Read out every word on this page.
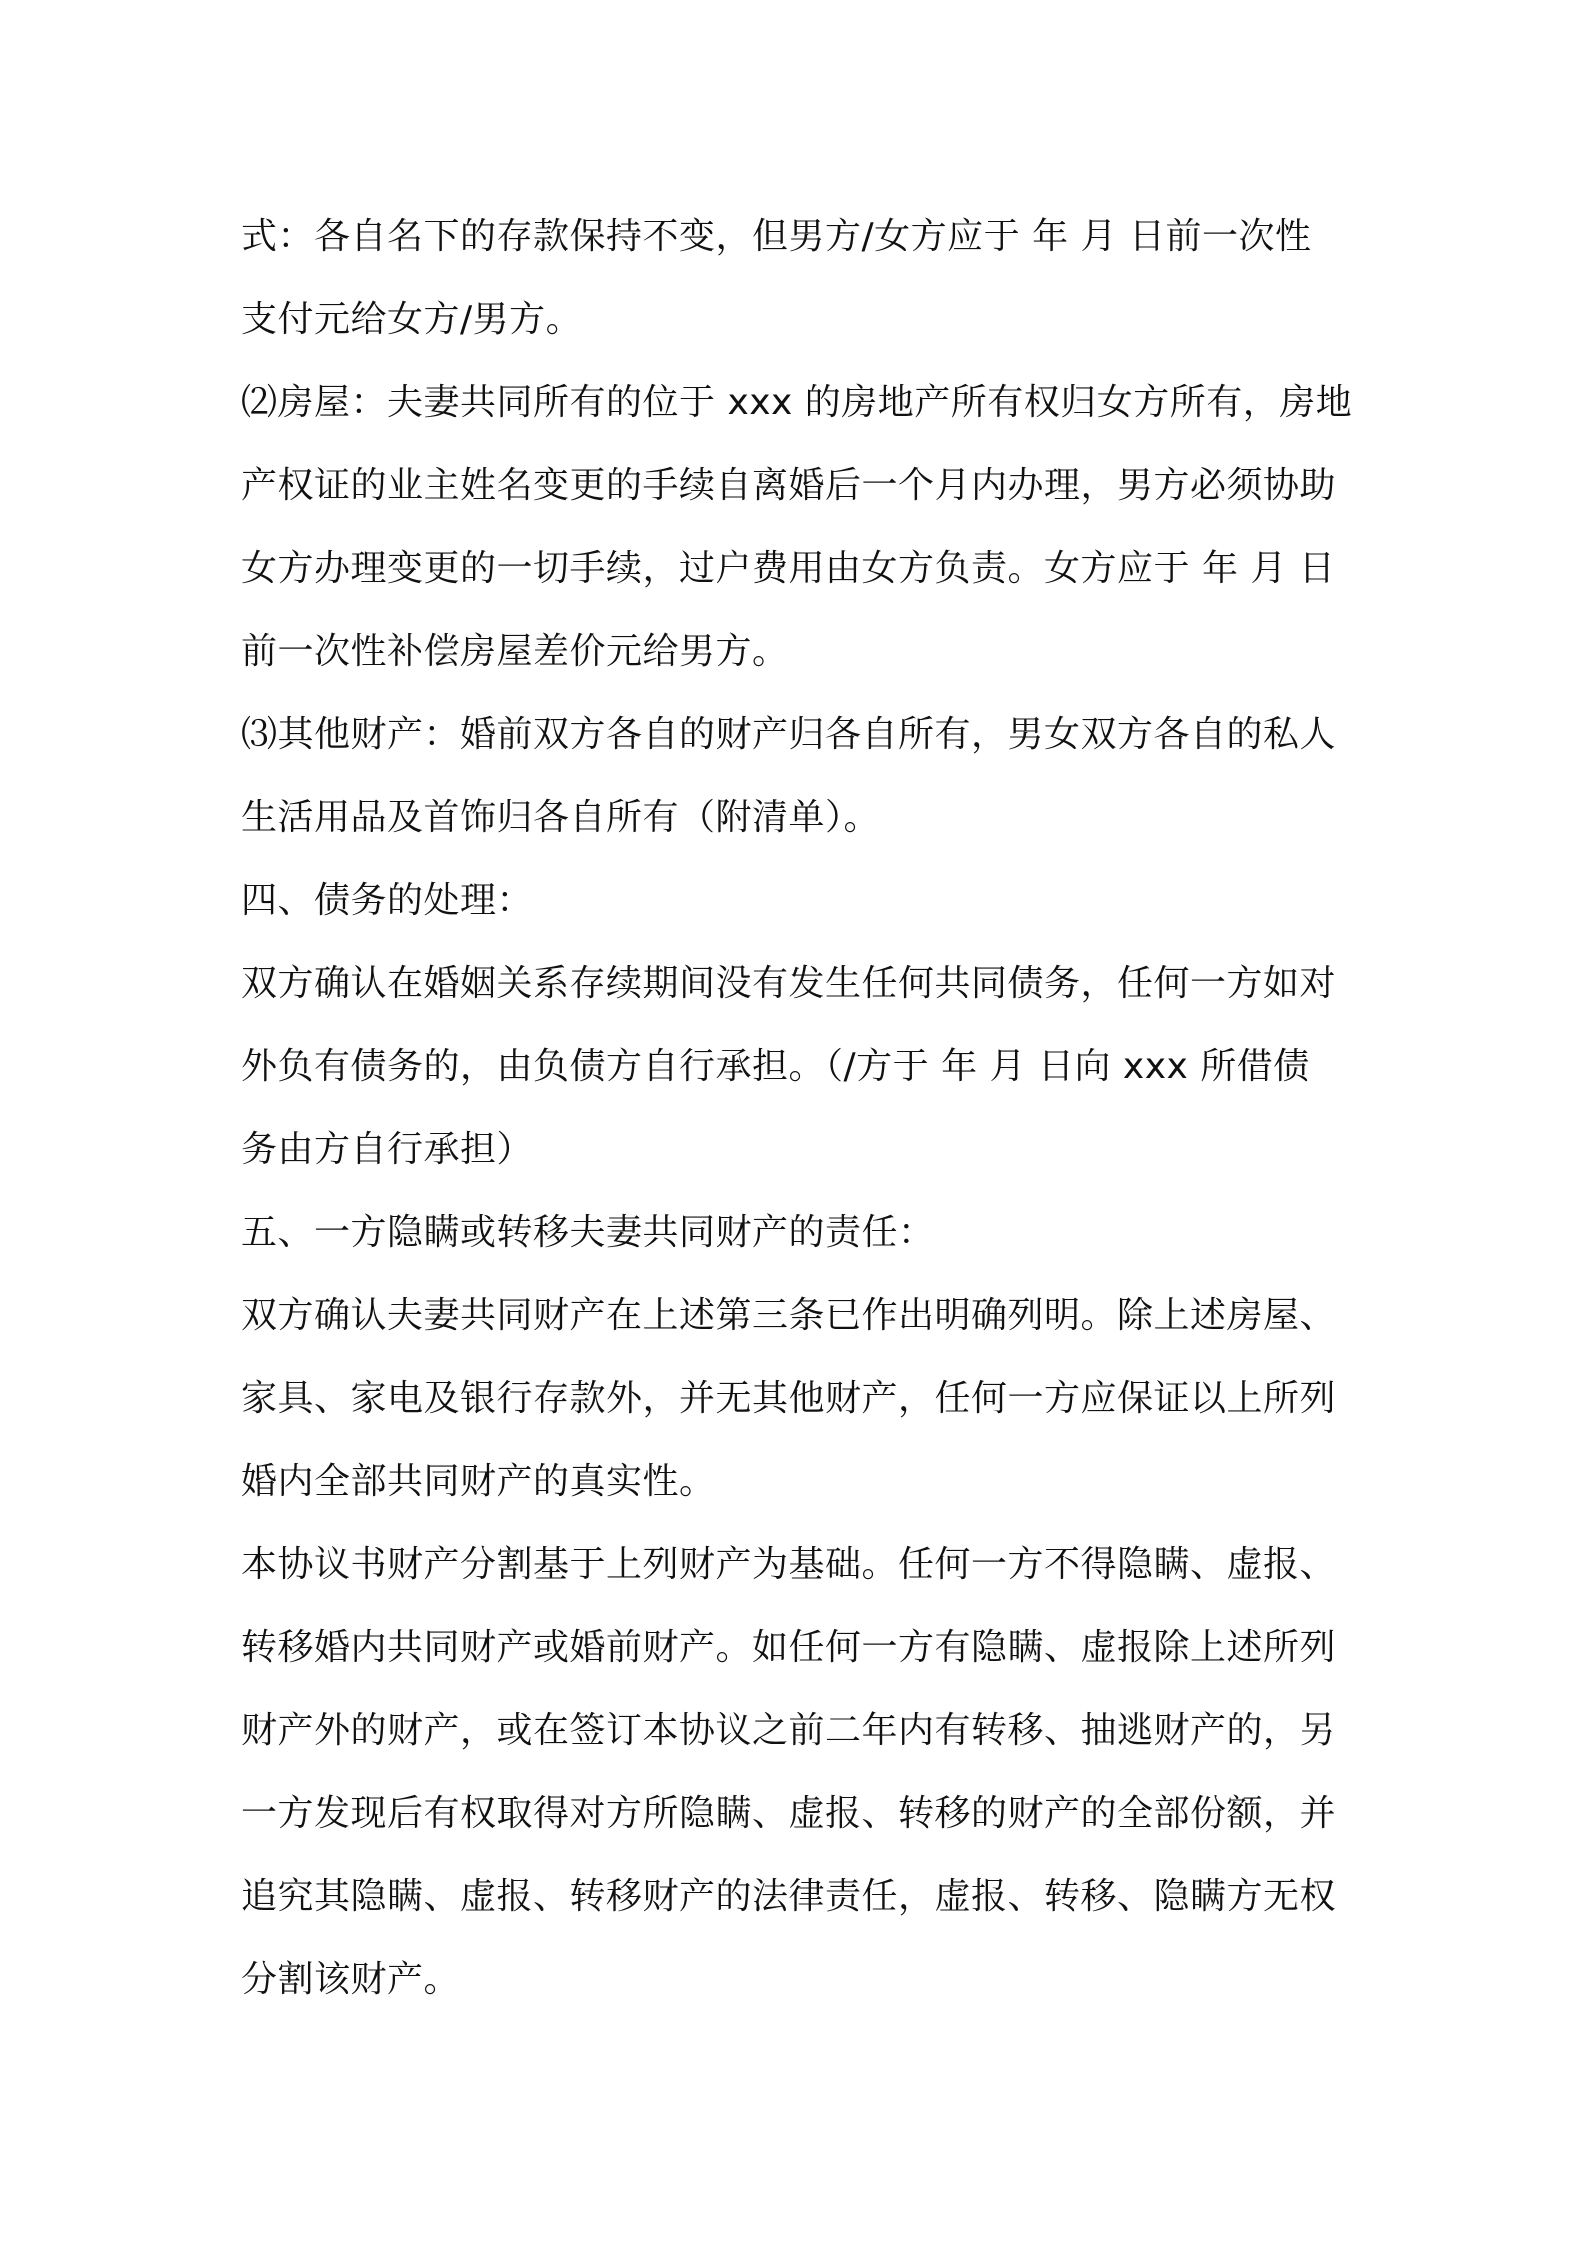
式：各自名下的存款保持不变，但男方/女方应于 年 月 日前一次性
支付元给女方/男方。
⑵房屋：夫妻共同所有的位于 xxx 的房地产所有权归女方所有，房地
产权证的业主姓名变更的手续自离婚后一个月内办理，男方必须协助
女方办理变更的一切手续，过户费用由女方负责。女方应于 年 月 日
前一次性补偿房屋差价元给男方。
⑶其他财产：婚前双方各自的财产归各自所有，男女双方各自的私人
生活用品及首饰归各自所有（附清单）。
四、债务的处理：
双方确认在婚姻关系存续期间没有发生任何共同债务，任何一方如对
外负有债务的，由负债方自行承担。（/方于 年 月 日向 xxx 所借债
务由方自行承担）
五、一方隐瞒或转移夫妻共同财产的责任：
双方确认夫妻共同财产在上述第三条已作出明确列明。除上述房屋、
家具、家电及银行存款外，并无其他财产，任何一方应保证以上所列
婚内全部共同财产的真实性。
本协议书财产分割基于上列财产为基础。任何一方不得隐瞒、虚报、
转移婚内共同财产或婚前财产。如任何一方有隐瞒、虚报除上述所列
财产外的财产，或在签订本协议之前二年内有转移、抽逃财产的，另
一方发现后有权取得对方所隐瞒、虚报、转移的财产的全部份额，并
追究其隐瞒、虚报、转移财产的法律责任，虚报、转移、隐瞒方无权
分割该财产。
